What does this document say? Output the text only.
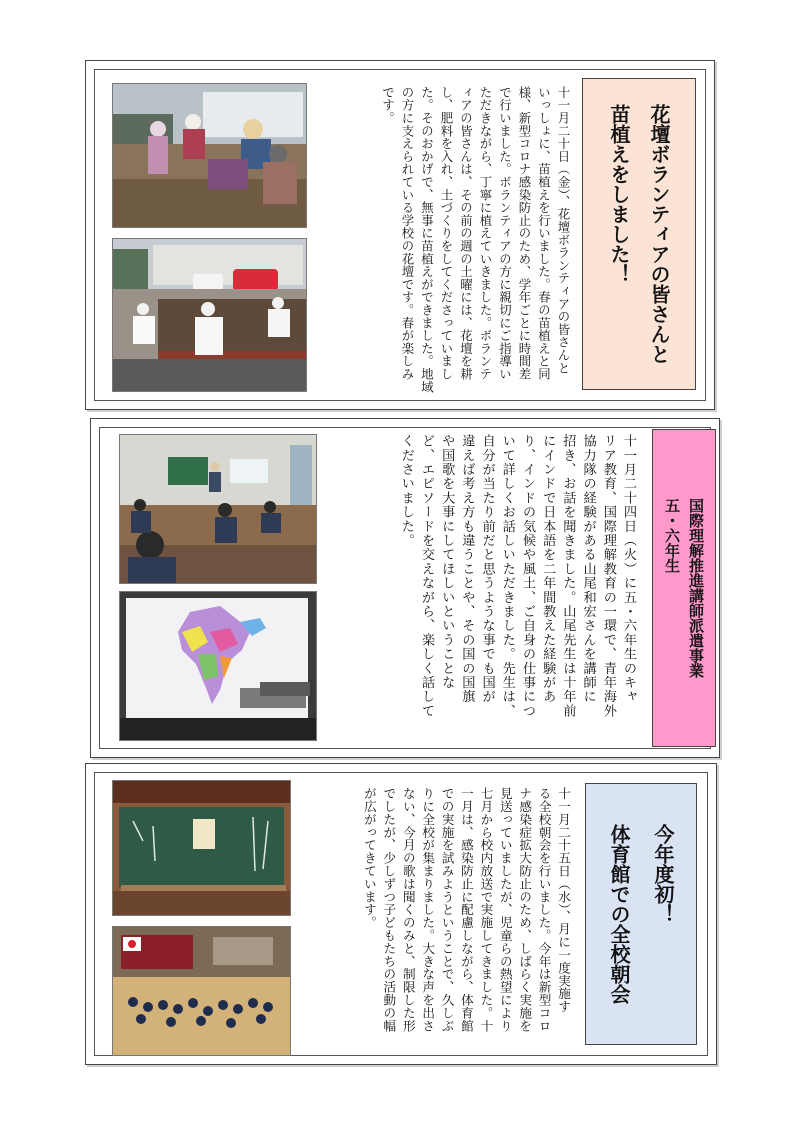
花壇ボランティアの皆さんと
苗植えをしました！
十一月二十日（金）、花壇ボランティアの皆さんと
いっしょに、苗植えを行いました。春の苗植えと同
様、新型コロナ感染防止のため、学年ごとに時間差
で行いました。ボランティアの方に親切にご指導い
ただきながら、丁寧に植えていきました。ボランテ
ィアの皆さんは、その前の週の土曜には、花壇を耕
し、肥料を入れ、土づくりをしてくださっていまし
た。そのおかげで、無事に苗植えができました。地域
の方に支えられている学校の花壇です。春が楽しみ
です。
国際理解推進講師派遣事業
五・六年生
十一月二十四日（火）に五・六年生のキャ
リア教育、国際理解教育の一環で、青年海外
協力隊の経験がある山尾和宏さんを講師に
招き、お話を聞きました。山尾先生は十年前
にインドで日本語を二年間教えた経験があ
り、インドの気候や風土、ご自身の仕事につ
いて詳しくお話しいただきました。先生は、
自分が当たり前だと思うような事でも国が
違えば考え方も違うことや、その国の国旗
や国歌を大事にしてほしいということな
ど、エピソードを交えながら、楽しく話して
くださいました。
今年度初！
体育館での全校朝会
十一月二十五日（水）、月に一度実施す
る全校朝会を行いました。今年は新型コロ
ナ感染症拡大防止のため、しばらく実施を
見送っていましたが、児童らの熱望により
七月から校内放送で実施してきました。十
一月は、感染防止に配慮しながら、体育館
での実施を試みようということで、久しぶ
りに全校が集まりました。大きな声を出さ
ない、今月の歌は聞くのみと、制限した形
でしたが、少しずつ子どもたちの活動の幅
が広がってきています。
